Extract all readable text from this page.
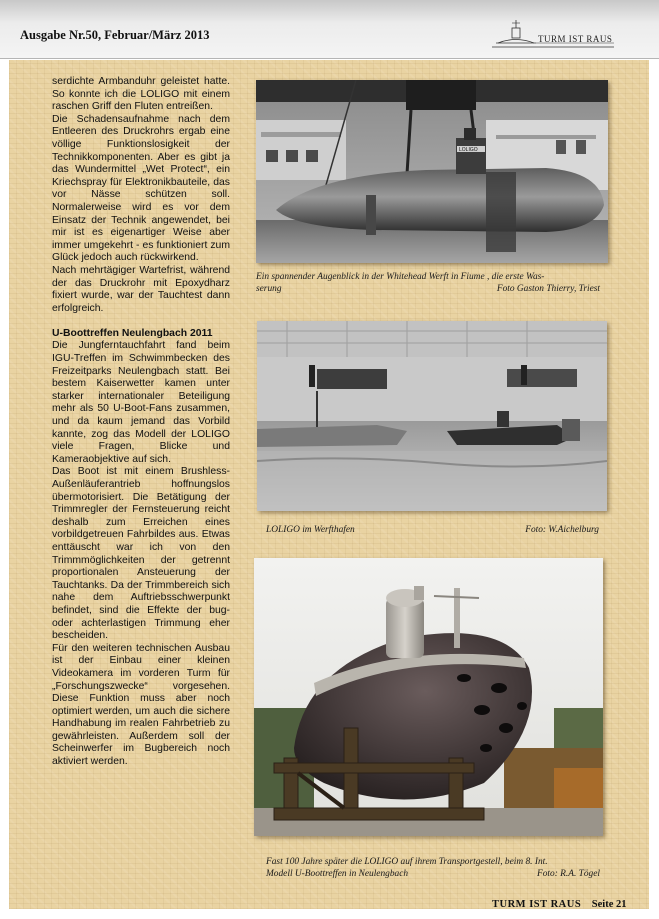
Ausgabe Nr.50, Februar/März 2013	TURM IST RAUS

serdichte Armbanduhr geleistet hatte. So konnte ich die LOLIGO mit einem raschen Griff den Fluten entreißen.

Die Schadensaufnahme nach dem Entleeren des Druckrohrs ergab eine völlige Funktionslosigkeit der Technikkomponenten. Aber es gibt ja das Wundermittel „Wet Protect“, ein Kriechspray für Elektronikbauteile, das vor Nässe schützen soll. Normalerweise wird es vor dem Einsatz der Technik angewendet, bei mir ist es eigenartiger Weise aber immer umgekehrt - es funktioniert zum Glück jedoch auch rückwirkend.

Nach mehrtägiger Wartefrist, während der das Druckrohr mit Epoxydharz fixiert wurde, war der Tauchtest dann erfolgreich.

U-Boottreffen Neulengbach 2011

Die Jungferntauchfahrt fand beim IGU-Treffen im Schwimmbecken des Freizeitparks Neulengbach statt. Bei bestem Kaiserwetter kamen unter starker internationaler Beteiligung mehr als 50 U-Boot-Fans zusammen, und da kaum jemand das Vorbild kannte, zog das Modell der LOLIGO viele Fragen, Blicke und Kameraobjektive auf sich.

Das Boot ist mit einem Brushless-Außenläuferantrieb hoffnungslos übermotorisiert. Die Betätigung der Trimmregler der Fernsteuerung reicht deshalb zum Erreichen eines vorbildgetreuen Fahrbildes aus. Etwas enttäuscht war ich von den Trimmmöglichkeiten der getrennt proportionalen Ansteuerung der Tauchtanks. Da der Trimmbereich sich nahe dem Auftriebsschwerpunkt befindet, sind die Effekte der bug- oder achterlastigen Trimmung eher bescheiden.

Für den weiteren technischen Ausbau ist der Einbau einer kleinen Videokamera im vorderen Turm für „Forschungszwecke“ vorgesehen. Diese Funktion muss aber noch optimiert werden, um auch die sichere Handhabung im realen Fahrbetrieb zu gewährleisten. Außerdem soll der Scheinwerfer im Bugbereich noch aktiviert werden.

LOLIGO
Ein spannender Augenblick in der Whitehead Werft in Fiume , die erste Was-
serung	Foto Gaston Thierry, Triest
LOLIGO im Werfthafen	Foto: W.Aichelburg
Fast 100 Jahre später die LOLIGO auf ihrem Transportgestell, beim 8. Int.
Modell U-Boottreffen in Neulengbach	Foto: R.A. Tögel
TURM IST RAUS Seite 21
